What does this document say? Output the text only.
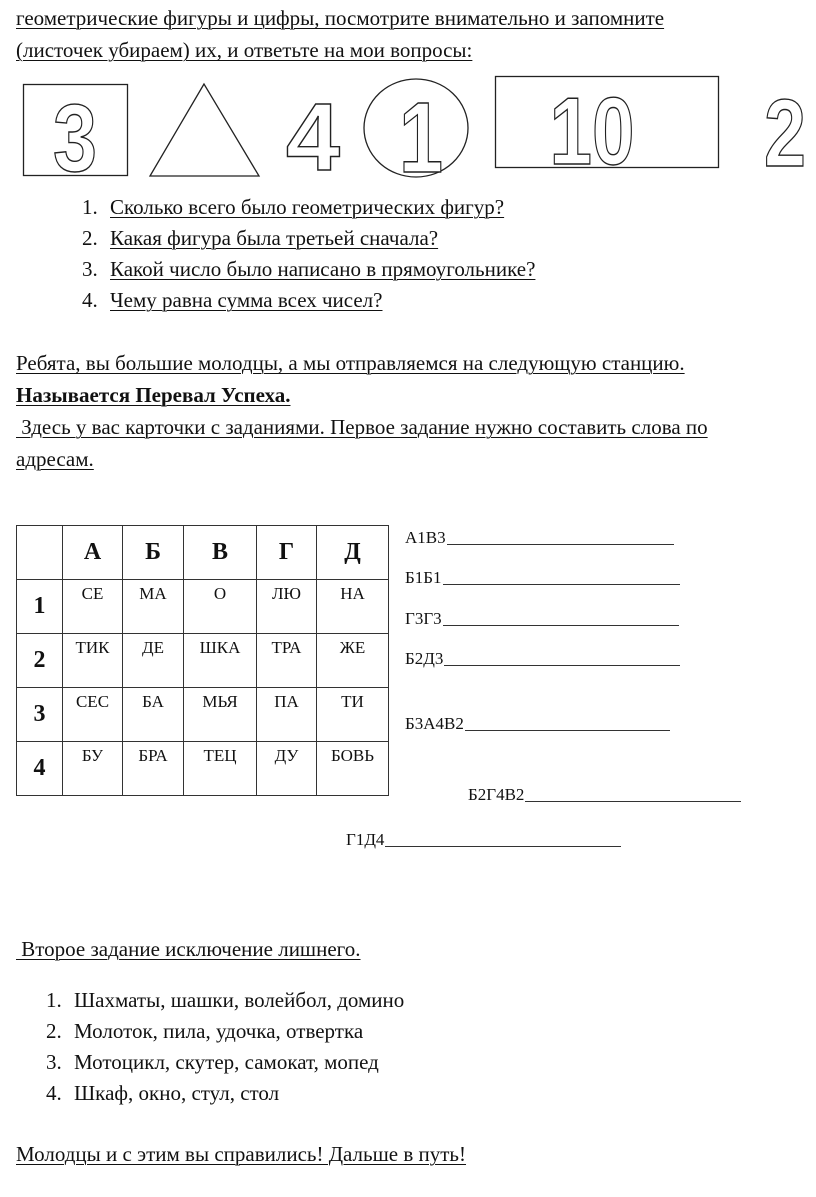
геометрические фигуры и цифры, посмотрите внимательно и запомните
(листочек убираем) их, и ответьте на мои вопросы:
3 4 1 10 2
1. Сколько всего было геометрических фигур?
2. Какая фигура была третьей сначала?
3. Какой число было написано в прямоугольнике?
4. Чему равна сумма всех чисел?
Ребята, вы большие молодцы, а мы отправляемся на следующую станцию.
Называется Перевал Успеха.
Здесь у вас карточки с заданиями. Первое задание нужно составить слова по
адресам.
	А	Б	В	Г	Д
1	СЕ	МА	О	ЛЮ	НА
2	ТИК	ДЕ	ШКА	ТРА	ЖЕ
3	СЕС	БА	МЬЯ	ПА	ТИ
4	БУ	БРА	ТЕЦ	ДУ	БОВЬ
А1В3
Б1Б1
Г3Г3
Б2Д3
Б3А4В2
Б2Г4В2
Г1Д4
Второе задание исключение лишнего.
1. Шахматы, шашки, волейбол, домино
2. Молоток, пила, удочка, отвертка
3. Мотоцикл, скутер, самокат, мопед
4. Шкаф, окно, стул, стол
Молодцы и с этим вы справились! Дальше в путь!
